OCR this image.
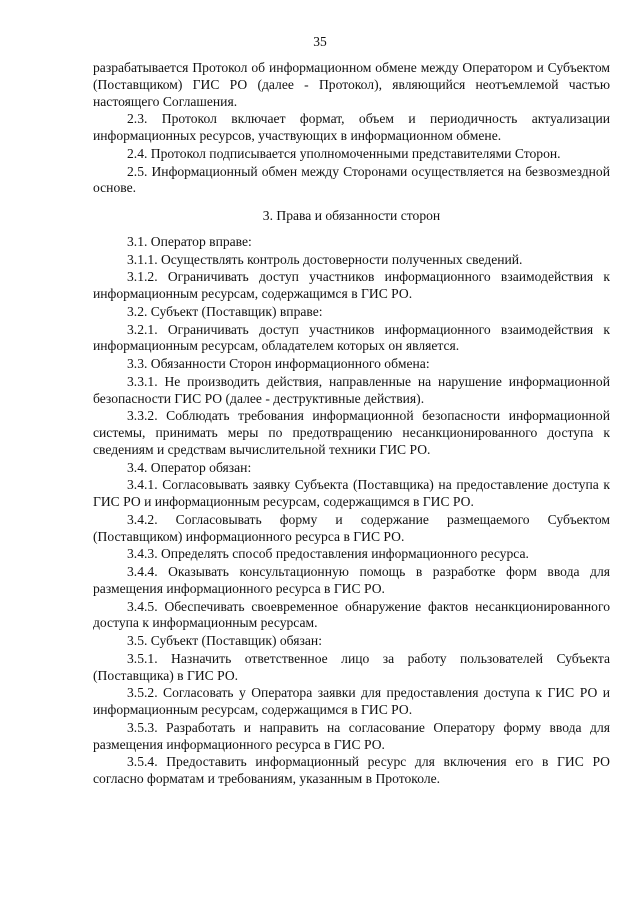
35

разрабатывается Протокол об информационном обмене между Оператором и Субъектом (Поставщиком) ГИС РО (далее - Протокол), являющийся неотъемлемой частью настоящего Соглашения.

2.3. Протокол включает формат, объем и периодичность актуализации информационных ресурсов, участвующих в информационном обмене.

2.4. Протокол подписывается уполномоченными представителями Сторон.

2.5. Информационный обмен между Сторонами осуществляется на безвозмездной основе.

3. Права и обязанности сторон

3.1. Оператор вправе:

3.1.1. Осуществлять контроль достоверности полученных сведений.

3.1.2. Ограничивать доступ участников информационного взаимодействия к информационным ресурсам, содержащимся в ГИС РО.

3.2. Субъект (Поставщик) вправе:

3.2.1. Ограничивать доступ участников информационного взаимодействия к информационным ресурсам, обладателем которых он является.

3.3. Обязанности Сторон информационного обмена:

3.3.1. Не производить действия, направленные на нарушение информационной безопасности ГИС РО (далее - деструктивные действия).

3.3.2. Соблюдать требования информационной безопасности информационной системы, принимать меры по предотвращению несанкционированного доступа к сведениям и средствам вычислительной техники ГИС РО.

3.4. Оператор обязан:

3.4.1. Согласовывать заявку Субъекта (Поставщика) на предоставление доступа к ГИС РО и информационным ресурсам, содержащимся в ГИС РО.

3.4.2. Согласовывать форму и содержание размещаемого Субъектом (Поставщиком) информационного ресурса в ГИС РО.

3.4.3. Определять способ предоставления информационного ресурса.

3.4.4. Оказывать консультационную помощь в разработке форм ввода для размещения информационного ресурса в ГИС РО.

3.4.5. Обеспечивать своевременное обнаружение фактов несанкционированного доступа к информационным ресурсам.

3.5. Субъект (Поставщик) обязан:

3.5.1. Назначить ответственное лицо за работу пользователей Субъекта (Поставщика) в ГИС РО.

3.5.2. Согласовать у Оператора заявки для предоставления доступа к ГИС РО и информационным ресурсам, содержащимся в ГИС РО.

3.5.3. Разработать и направить на согласование Оператору форму ввода для размещения информационного ресурса в ГИС РО.

3.5.4. Предоставить информационный ресурс для включения его в ГИС РО согласно форматам и требованиям, указанным в Протоколе.
